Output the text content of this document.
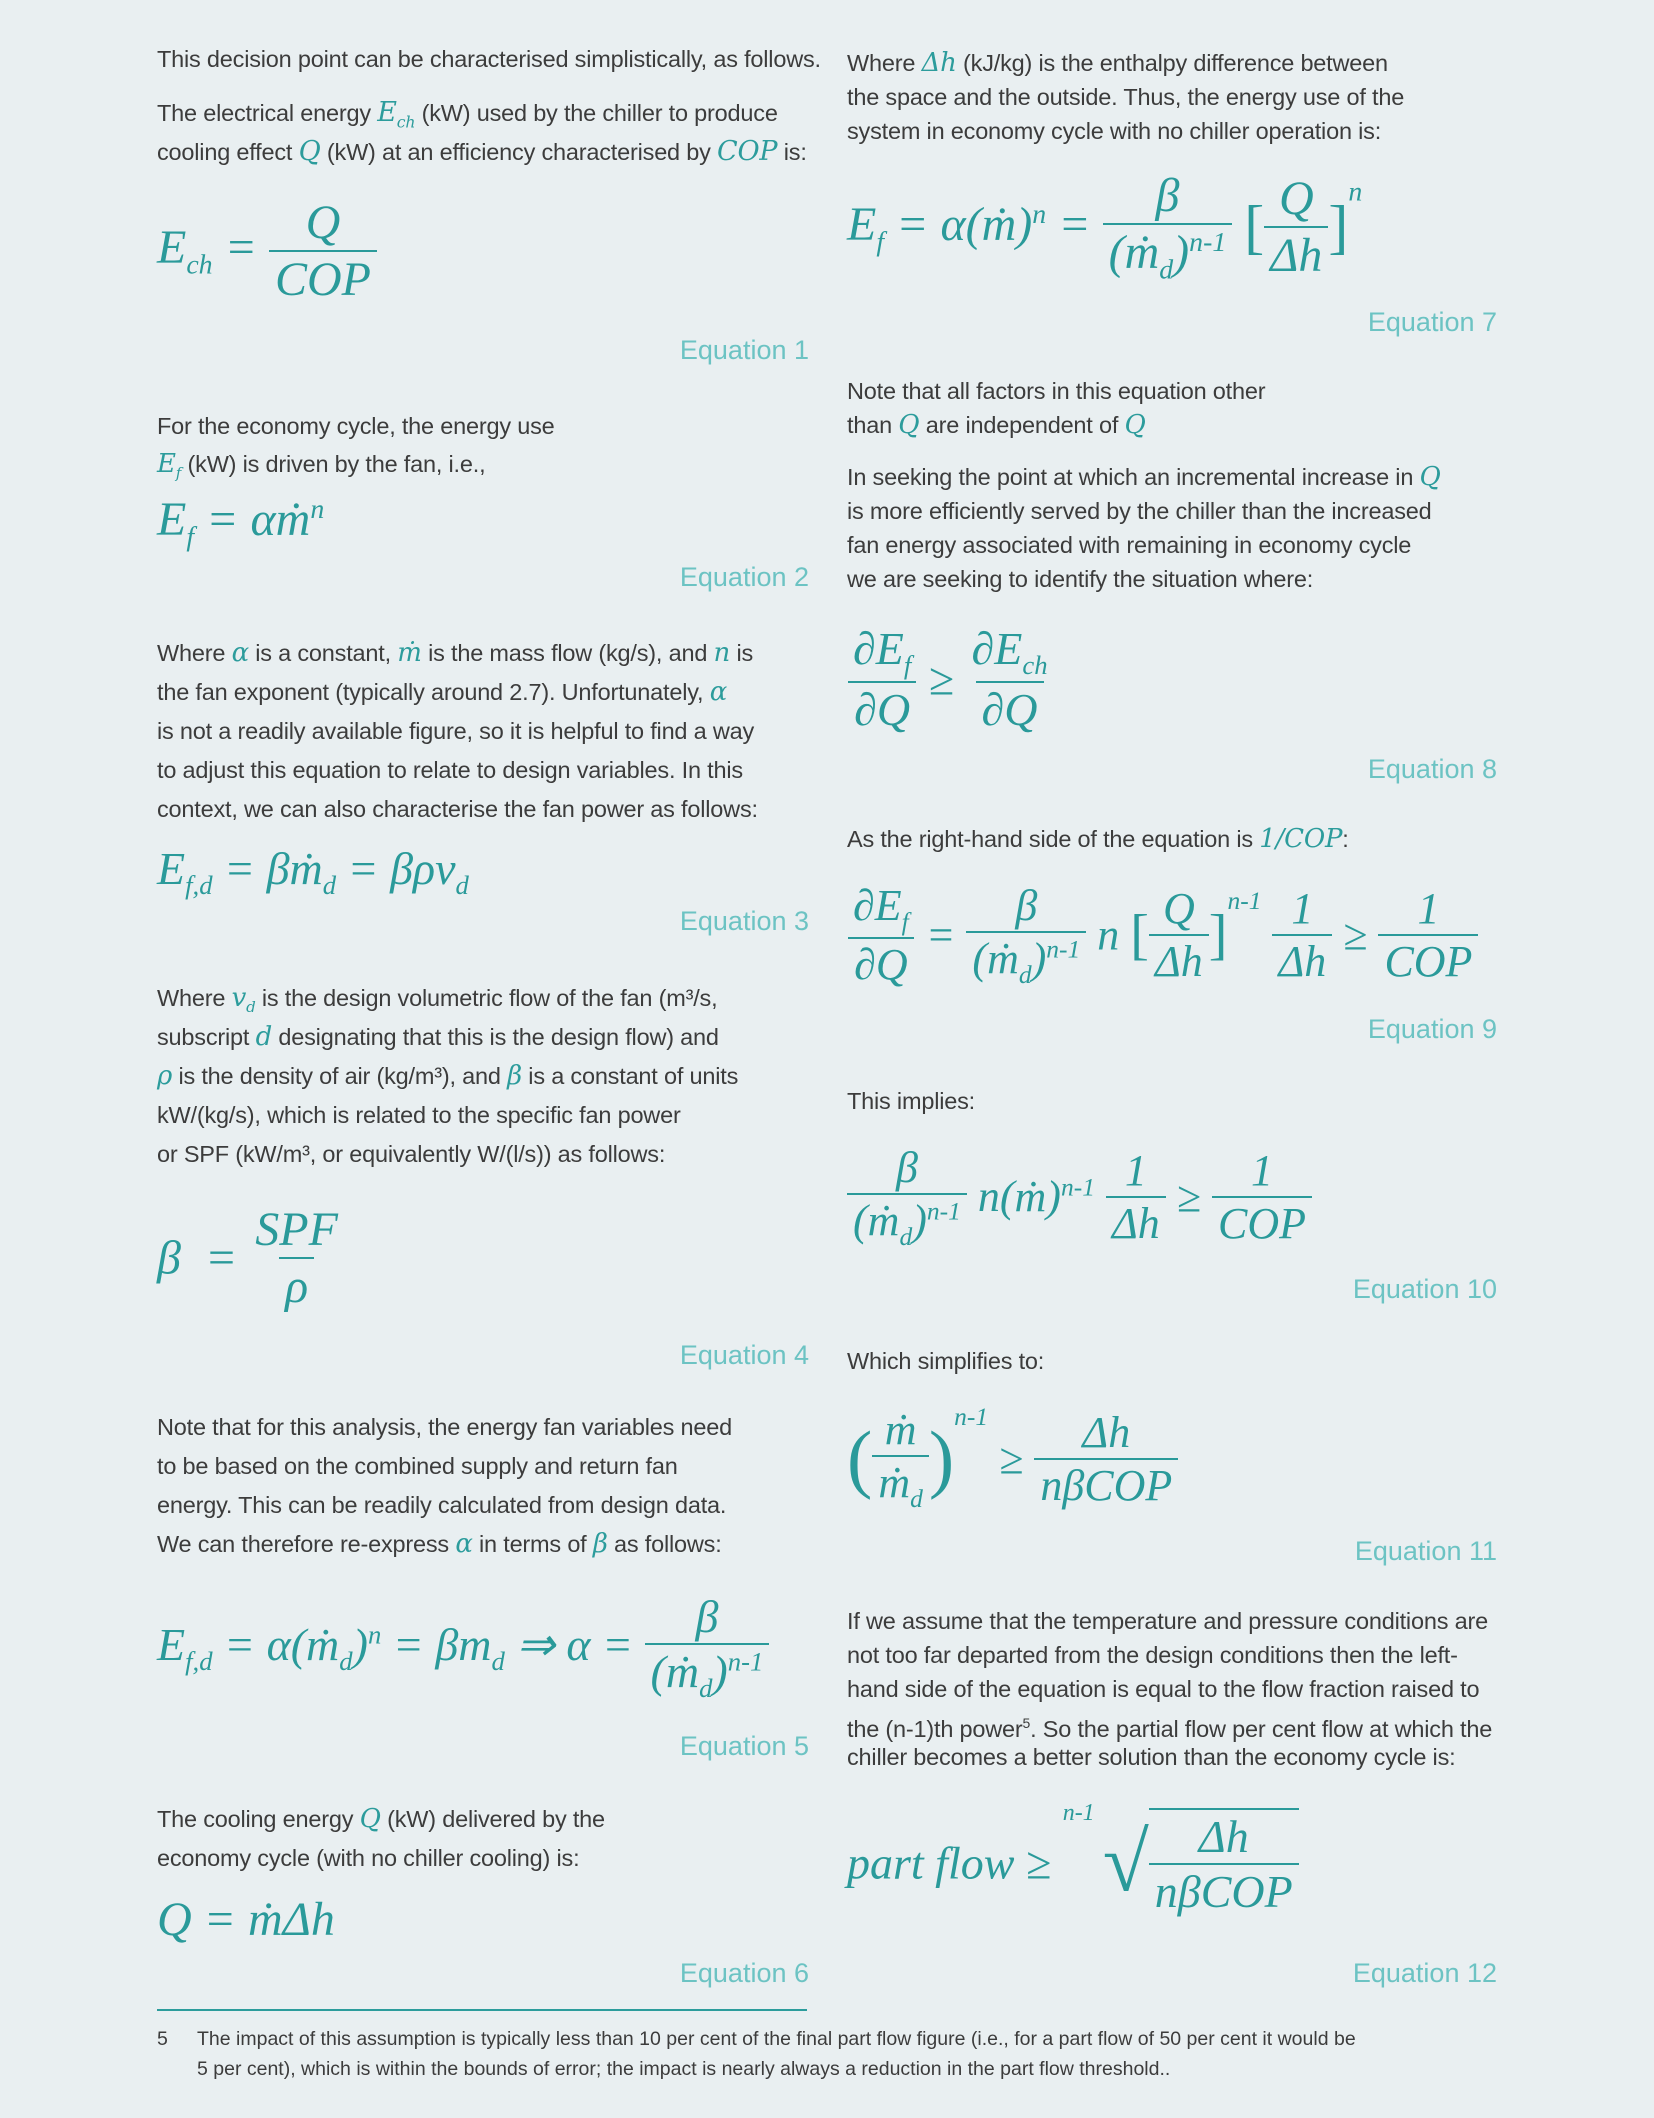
This decision point can be characterised simplistically, as follows.
The electrical energy $E_{ch}$ (kW) used by the chiller to produce
cooling effect Q (kW) at an efficiency characterised by COP is:
$E_{ch} = \frac{Q}{\text{COP}}$
Equation 1
For the economy cycle, the energy use
$E_f$ (kW) is driven by the fan, i.e.,
$E_f$ = αṁ$^n$
Equation 2
Where α is a constant, ṁ is the mass flow (kg/s), and n is
the fan exponent (typically around 2.7). Unfortunately, α
is not a readily available figure, so it is helpful to find a way
to adjust this equation to relate to design variables. In this
context, we can also characterise the fan power as follows:
$E_{f,d}$ = βṁ$_d$ = βρv$_d$
Equation 3
Where $v_d$ is the design volumetric flow of the fan (m³/s,
subscript d designating that this is the design flow) and
ρ is the density of air (kg/m³), and β is a constant of units
kW/(kg/s), which is related to the specific fan power
or SPF (kW/m³, or equivalently W/(l/s)) as follows:
$\beta = \frac{\text{SPF}}{\rho}$
Equation 4
Note that for this analysis, the energy fan variables need
to be based on the combined supply and return fan
energy. This can be readily calculated from design data.
We can therefore re-express α in terms of β as follows:
$E_{f,d}$ = α(ṁ$_d$)$^n$ = $\beta m_d$ ⇒ $\alpha = \frac{\beta}{(ṁ_d)^{n-1}}$
Equation 5
The cooling energy Q (kW) delivered by the
economy cycle (with no chiller cooling) is:
Q = ṁΔh
Equation 6
Where Δh (kJ/kg) is the enthalpy difference between
the space and the outside. Thus, the energy use of the
system in economy cycle with no chiller operation is:
$E_f$ = α(ṁ)$^n$ = $\frac{\beta}{(ṁ_d)^{n-1}}$ [ $\frac{Q}{\Delta h} ]^n$
Equation 7
Note that all factors in this equation other
than Q are independent of Q
In seeking the point at which an incremental increase in Q
is more efficiently served by the chiller than the increased
fan energy associated with remaining in economy cycle
we are seeking to identify the situation where:
$\frac{\partial E_f}{\partial Q} \ge \frac{\partial E_{ch}}{\partial Q}$
Equation 8
As the right-hand side of the equation is 1/COP:
$\frac{\partial E_f}{\partial Q} = \frac{\beta}{(ṁ_d)^{n-1}}$ n [ $\frac{Q}{\Delta h} ]^{n-1} \frac{1}{\Delta h} \ge \frac{1}{\text{COP}}$
Equation 9
This implies:
$\frac{\beta}{(ṁ_d)^{n-1}}$ n(ṁ)$^{n-1}$ $\frac{1}{\Delta h} \ge \frac{1}{\text{COP}}$
Equation 10
Which simplifies to:
( $\frac{\text{ṁ}}{ṁ_d} )^{n-1} \ge \frac{\Delta h}{\text{nβCOP}}$
Equation 11
If we assume that the temperature and pressure conditions are
not too far departed from the design conditions then the left-
hand side of the equation is equal to the flow fraction raised to
the (n-1)th power$^5$. So the partial flow per cent flow at which the
chiller becomes a better solution than the economy cycle is:
part flow ≥
n-1
√ $\frac{\Delta h}{\text{nβCOP}}$
Equation 12
5 The impact of this assumption is typically less than 10 per cent of the final part flow figure (i.e., for a part flow of 50 per cent it would be 5 per cent), which is within the bounds of error; the impact is nearly always a reduction in the part flow threshold..
